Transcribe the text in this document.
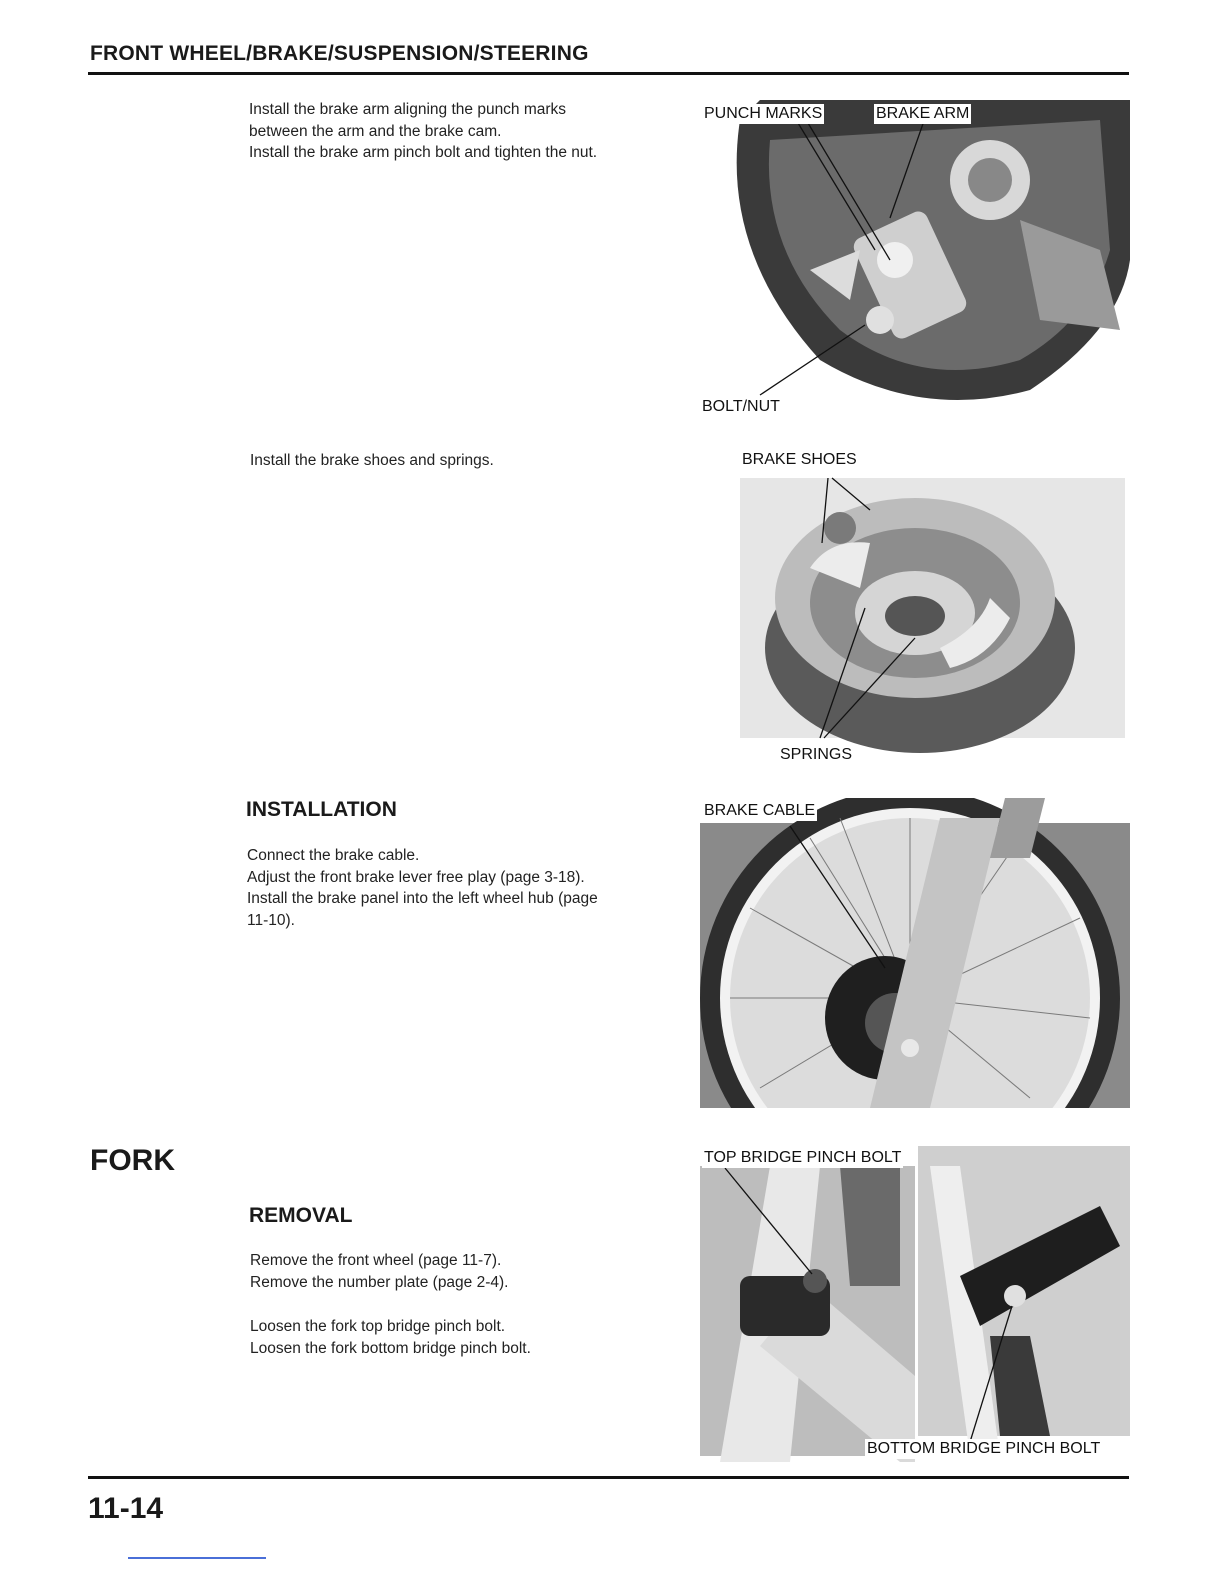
FRONT WHEEL/BRAKE/SUSPENSION/STEERING
Install the brake arm aligning the punch marks
between the arm and the brake cam.
Install the brake arm pinch bolt and tighten the nut.
PUNCH MARKS	BRAKE ARM
BOLT/NUT
Install the brake shoes and springs.	BRAKE SHOES
SPRINGS
INSTALLATION
Connect the brake cable.
Adjust the front brake lever free play (page 3-18).
Install the brake panel into the left wheel hub (page
11-10).
BRAKE CABLE
FORK
REMOVAL
Remove the front wheel (page 11-7).
Remove the number plate (page 2-4).
Loosen the fork top bridge pinch bolt.
Loosen the fork bottom bridge pinch bolt.
TOP BRIDGE PINCH BOLT
BOTTOM BRIDGE PINCH BOLT
11-14
